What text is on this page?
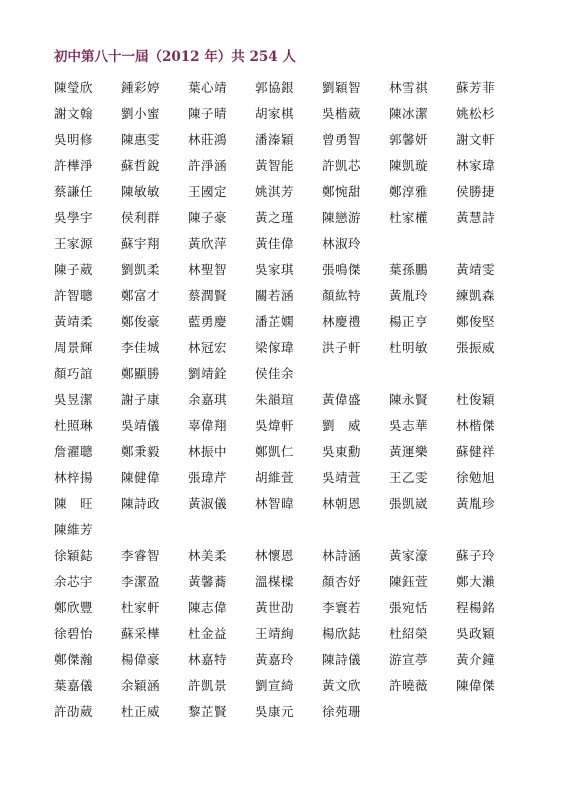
初中第八十一屆（2012 年）共 254 人
陳瑩欣	鍾彩婷	葉心靖	郭協銀	劉穎智	林雪祺	蘇芳菲
謝文翰	劉小蜜	陳子晴	胡家棋	吳楷葳	陳冰潔	姚松杉
吳明修	陳惠雯	林莊鴻	潘溱穎	曾勇智	郭馨妍	謝文軒
許樺淨	蘇哲銳	許淨涵	黃智能	許凱芯	陳凱璇	林家瑋
蔡謙任	陳敏敏	王國定	姚淇芳	鄭惋甜	鄭淳雅	侯勝捷
吳學宇	侯利群	陳子豪	黃之瑾	陳戀游	杜家權	黃慧詩
王家源	蘇宇翔	黃欣萍	黃佳偉	林淑玲
陳子葳	劉凱柔	林聖智	吳家琪	張鳴傑	葉孫鵬	黃靖雯
許智聰	鄭富才	蔡潤賢	關若涵	顏紘特	黃胤玲	練凱森
黃靖柔	鄭俊豪	藍勇慶	潘芷嫻	林慶禮	楊正亨	鄭俊堅
周景輝	李佳城	林冠宏	梁傢瑋	洪子軒	杜明敏	張振威
顏巧誼	鄭顯勝	劉靖銓	侯佳余
吳昱潔	謝子康	余嘉琪	朱韻瑄	黃偉盛	陳永賢	杜俊穎
杜照琳	吳靖儀	辜偉翔	吳煒軒	劉　威	吳志華	林楷傑
詹濯聰	鄭秉毅	林振中	鄭凱仁	吳東勳	黃運樂	蘇健祥
林梓揚	陳健偉	張瑋芹	胡維萱	吳靖萱	王乙雯	徐勉旭
陳　旺	陳詩政	黃淑儀	林智暐	林朝恩	張凱崴	黃胤珍
陳維芳
徐穎鋕	李睿智	林美柔	林懷恩	林詩涵	黃家濠	蘇子玲
余芯宇	李潔盈	黃馨蕎	溫楳樑	顏杏妤	陳鈺萱	鄭大瀨
鄭欣豐	杜家軒	陳志偉	黃世劭	李寰若	張宛恬	程楊銘
徐碧怡	蘇采樺	杜金益	王靖絢	楊欣鋕	杜紹榮	吳政穎
鄭傑瀚	楊偉豪	林嘉特	黃嘉玲	陳詩儀	游宣葶	黃介鐘
葉嘉儀	余穎涵	許凱景	劉宣綺	黃文欣	許曉薇	陳偉傑
許劭葳	杜正威	黎芷賢	吳康元	徐苑珊
